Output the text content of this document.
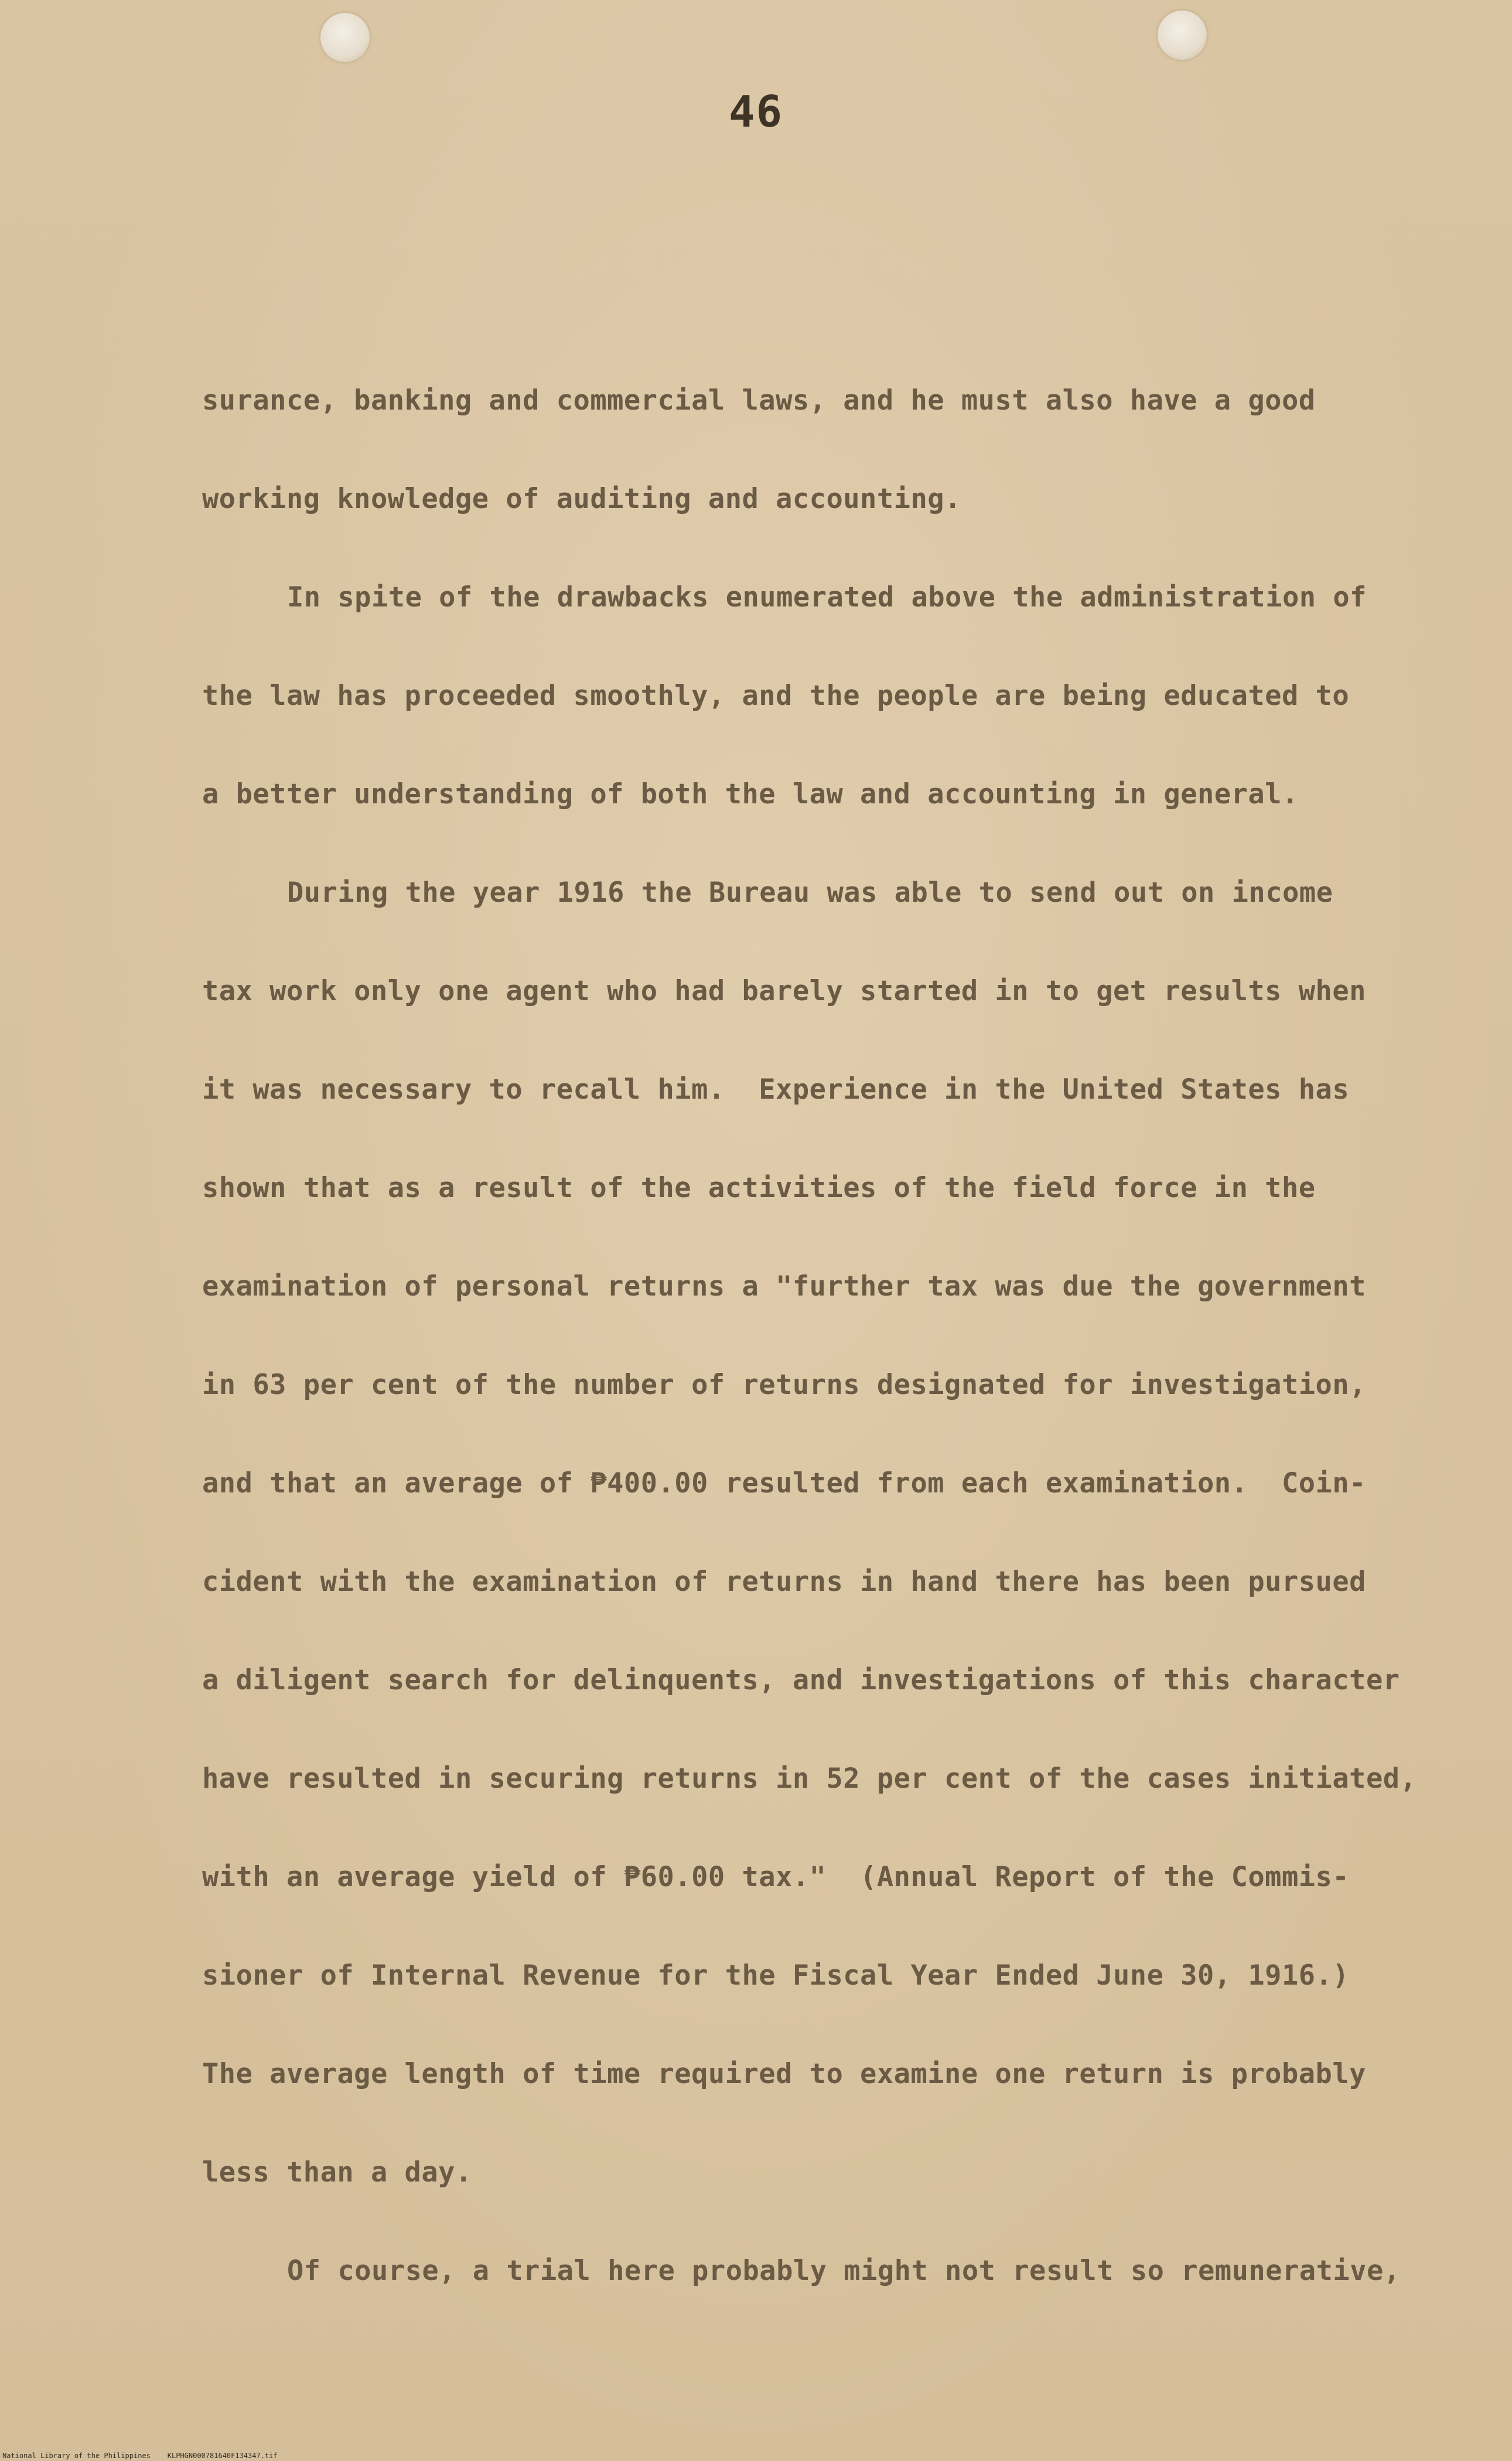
46
surance, banking and commercial laws, and he must also have a good
working knowledge of auditing and accounting.
In spite of the drawbacks enumerated above the administration of
the law has proceeded smoothly, and the people are being educated to
a better understanding of both the law and accounting in general.
During the year 1916 the Bureau was able to send out on income
tax work only one agent who had barely started in to get results when
it was necessary to recall him.  Experience in the United States has
shown that as a result of the activities of the field force in the
examination of personal returns a "further tax was due the government
in 63 per cent of the number of returns designated for investigation,
and that an average of ₱400.00 resulted from each examination.  Coin-
cident with the examination of returns in hand there has been pursued
a diligent search for delinquents, and investigations of this character
have resulted in securing returns in 52 per cent of the cases initiated,
with an average yield of ₱60.00 tax."  (Annual Report of the Commis-
sioner of Internal Revenue for the Fiscal Year Ended June 30, 1916.)
The average length of time required to examine one return is probably
less than a day.
Of course, a trial here probably might not result so remunerative,
National Library of the Philippines    KLPHGN000781640F134347.tif
